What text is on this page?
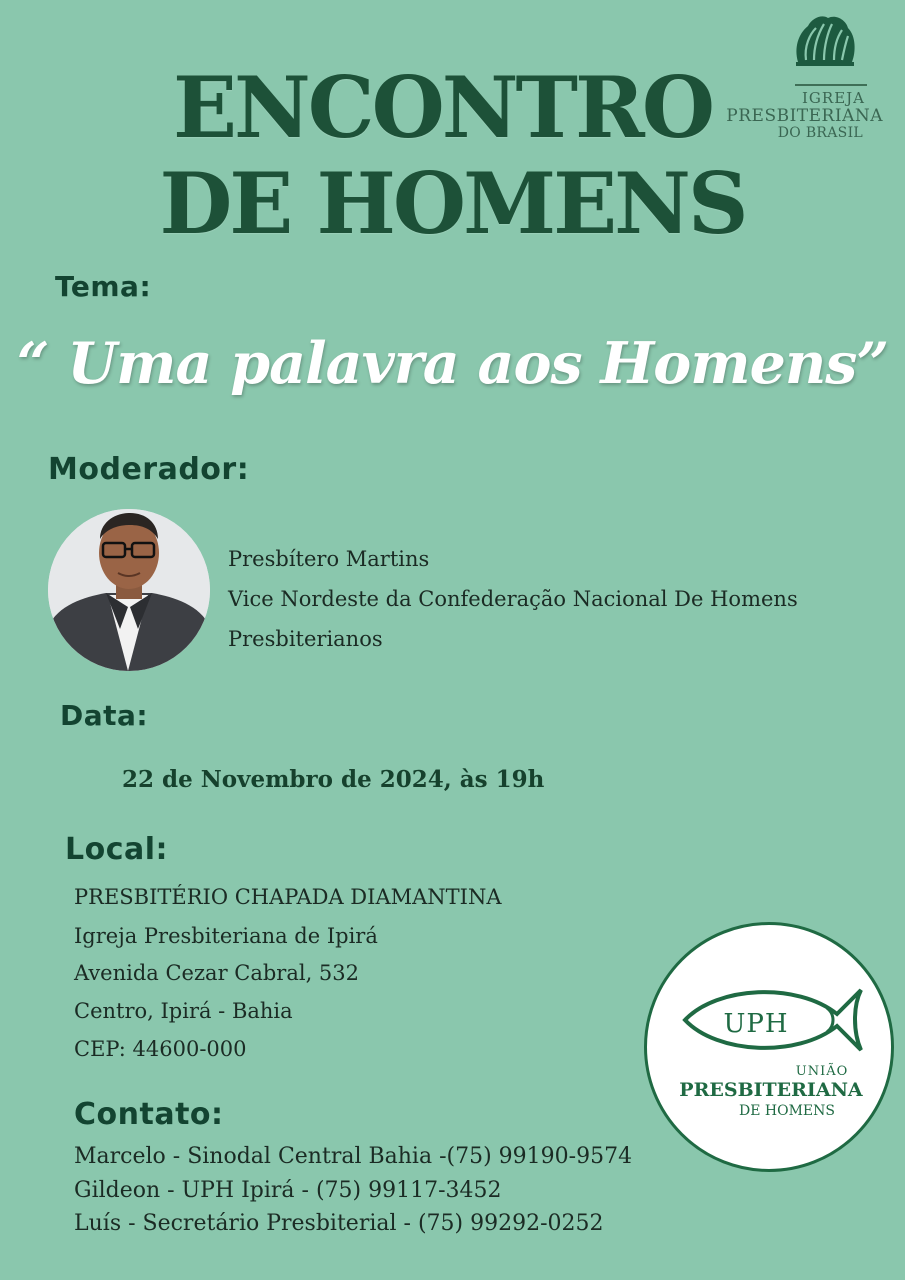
ENCONTRO
DE HOMENS
IGREJA
PRESBITERIANA
DO BRASIL
Tema:
“ Uma palavra aos Homens”
Moderador:
Presbítero Martins
Vice Nordeste da Confederação Nacional De Homens
Presbiterianos
Data:
22 de Novembro de 2024, às 19h
Local:
PRESBITÉRIO CHAPADA DIAMANTINA
Igreja Presbiteriana de Ipirá
Avenida Cezar Cabral, 532
Centro, Ipirá - Bahia
CEP: 44600-000
Contato:
Marcelo - Sinodal Central Bahia -(75) 99190-9574
Gildeon - UPH Ipirá - (75) 99117-3452
Luís - Secretário Presbiterial - (75) 99292-0252
UPH
UNIÃO
PRESBITERIANA
DE HOMENS
